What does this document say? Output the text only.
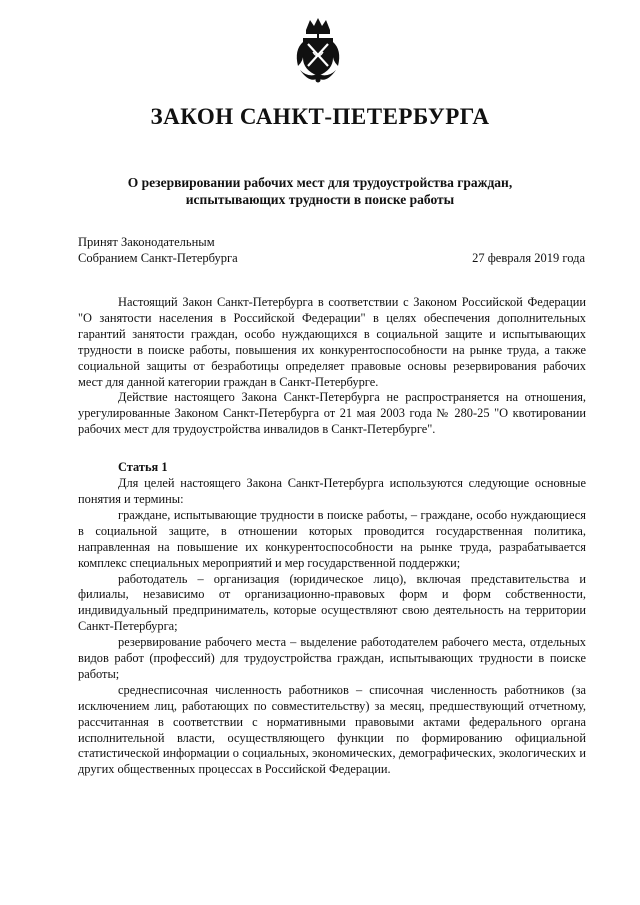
ЗАКОН САНКТ-ПЕТЕРБУРГА
О резервировании рабочих мест для трудоустройства граждан,
испытывающих трудности в поиске работы
Принят Законодательным
Собранием Санкт-Петербурга	27 февраля 2019 года

Настоящий Закон Санкт-Петербурга в соответствии с Законом Российской Федерации "О занятости населения в Российской Федерации" в целях обеспечения дополнительных гарантий занятости граждан, особо нуждающихся в социальной защите и испытывающих трудности в поиске работы, повышения их конкурентоспособности на рынке труда, а также социальной защиты от безработицы определяет правовые основы резервирования рабочих мест для данной категории граждан в Санкт-Петербурге.

Действие настоящего Закона Санкт-Петербурга не распространяется на отношения, урегулированные Законом Санкт-Петербурга от 21 мая 2003 года № 280-25 "О квотировании рабочих мест для трудоустройства инвалидов в Санкт-Петербурге".

Статья 1

Для целей настоящего Закона Санкт-Петербурга используются следующие основные понятия и термины:

граждане, испытывающие трудности в поиске работы, – граждане, особо нуждающиеся в социальной защите, в отношении которых проводится государственная политика, направленная на повышение их конкурентоспособности на рынке труда, разрабатывается комплекс специальных мероприятий и мер государственной поддержки;

работодатель – организация (юридическое лицо), включая представительства и филиалы, независимо от организационно-правовых форм и форм собственности, индивидуальный предприниматель, которые осуществляют свою деятельность на территории Санкт-Петербурга;

резервирование рабочего места – выделение работодателем рабочего места, отдельных видов работ (профессий) для трудоустройства граждан, испытывающих трудности в поиске работы;

среднесписочная численность работников – списочная численность работников (за исключением лиц, работающих по совместительству) за месяц, предшествующий отчетному, рассчитанная в соответствии с нормативными правовыми актами федерального органа исполнительной власти, осуществляющего функции по формированию официальной статистической информации о социальных, экономических, демографических, экологических и других общественных процессах в Российской Федерации.
